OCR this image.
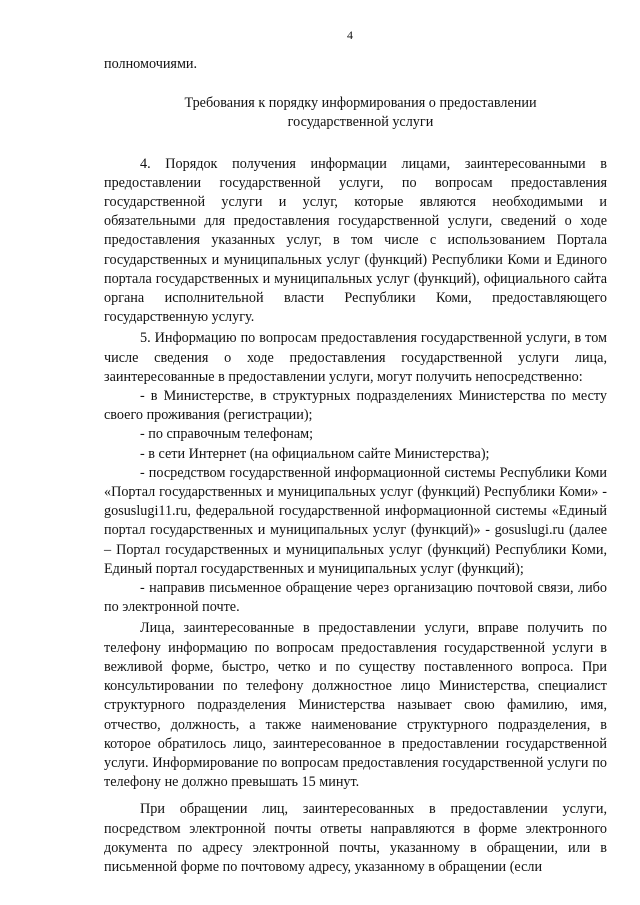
4

полномочиями.

Требования к порядку информирования о предоставлении
государственной услуги

4. Порядок получения информации лицами, заинтересованными в предоставлении государственной услуги, по вопросам предоставления государственной услуги и услуг, которые являются необходимыми и обязательными для предоставления государственной услуги, сведений о ходе предоставления указанных услуг, в том числе с использованием Портала государственных и муниципальных услуг (функций) Республики Коми и Единого портала государственных и муниципальных услуг (функций), официального сайта органа исполнительной власти Республики Коми, предоставляющего государственную услугу.

5. Информацию по вопросам предоставления государственной услуги, в том числе сведения о ходе предоставления государственной услуги лица, заинтересованные в предоставлении услуги, могут получить непосредственно:

- в Министерстве, в структурных подразделениях Министерства по месту своего проживания (регистрации);

- по справочным телефонам;

- в сети Интернет (на официальном сайте Министерства);

- посредством государственной информационной системы Республики Коми «Портал государственных и муниципальных услуг (функций) Республики Коми» - gosuslugi11.ru, федеральной государственной информационной системы «Единый портал государственных и муниципальных услуг (функций)» - gosuslugi.ru (далее – Портал государственных и муниципальных услуг (функций) Республики Коми, Единый портал государственных и муниципальных услуг (функций);

- направив письменное обращение через организацию почтовой связи, либо по электронной почте.

Лица, заинтересованные в предоставлении услуги, вправе получить по телефону информацию по вопросам предоставления государственной услуги в вежливой форме, быстро, четко и по существу поставленного вопроса. При консультировании по телефону должностное лицо Министерства, специалист структурного подразделения Министерства называет свою фамилию, имя, отчество, должность, а также наименование структурного подразделения, в которое обратилось лицо, заинтересованное в предоставлении государственной услуги. Информирование по вопросам предоставления государственной услуги по телефону не должно превышать 15 минут.

При обращении лиц, заинтересованных в предоставлении услуги, посредством электронной почты ответы направляются в форме электронного документа по адресу электронной почты, указанному в обращении, или в письменной форме по почтовому адресу, указанному в обращении (если
